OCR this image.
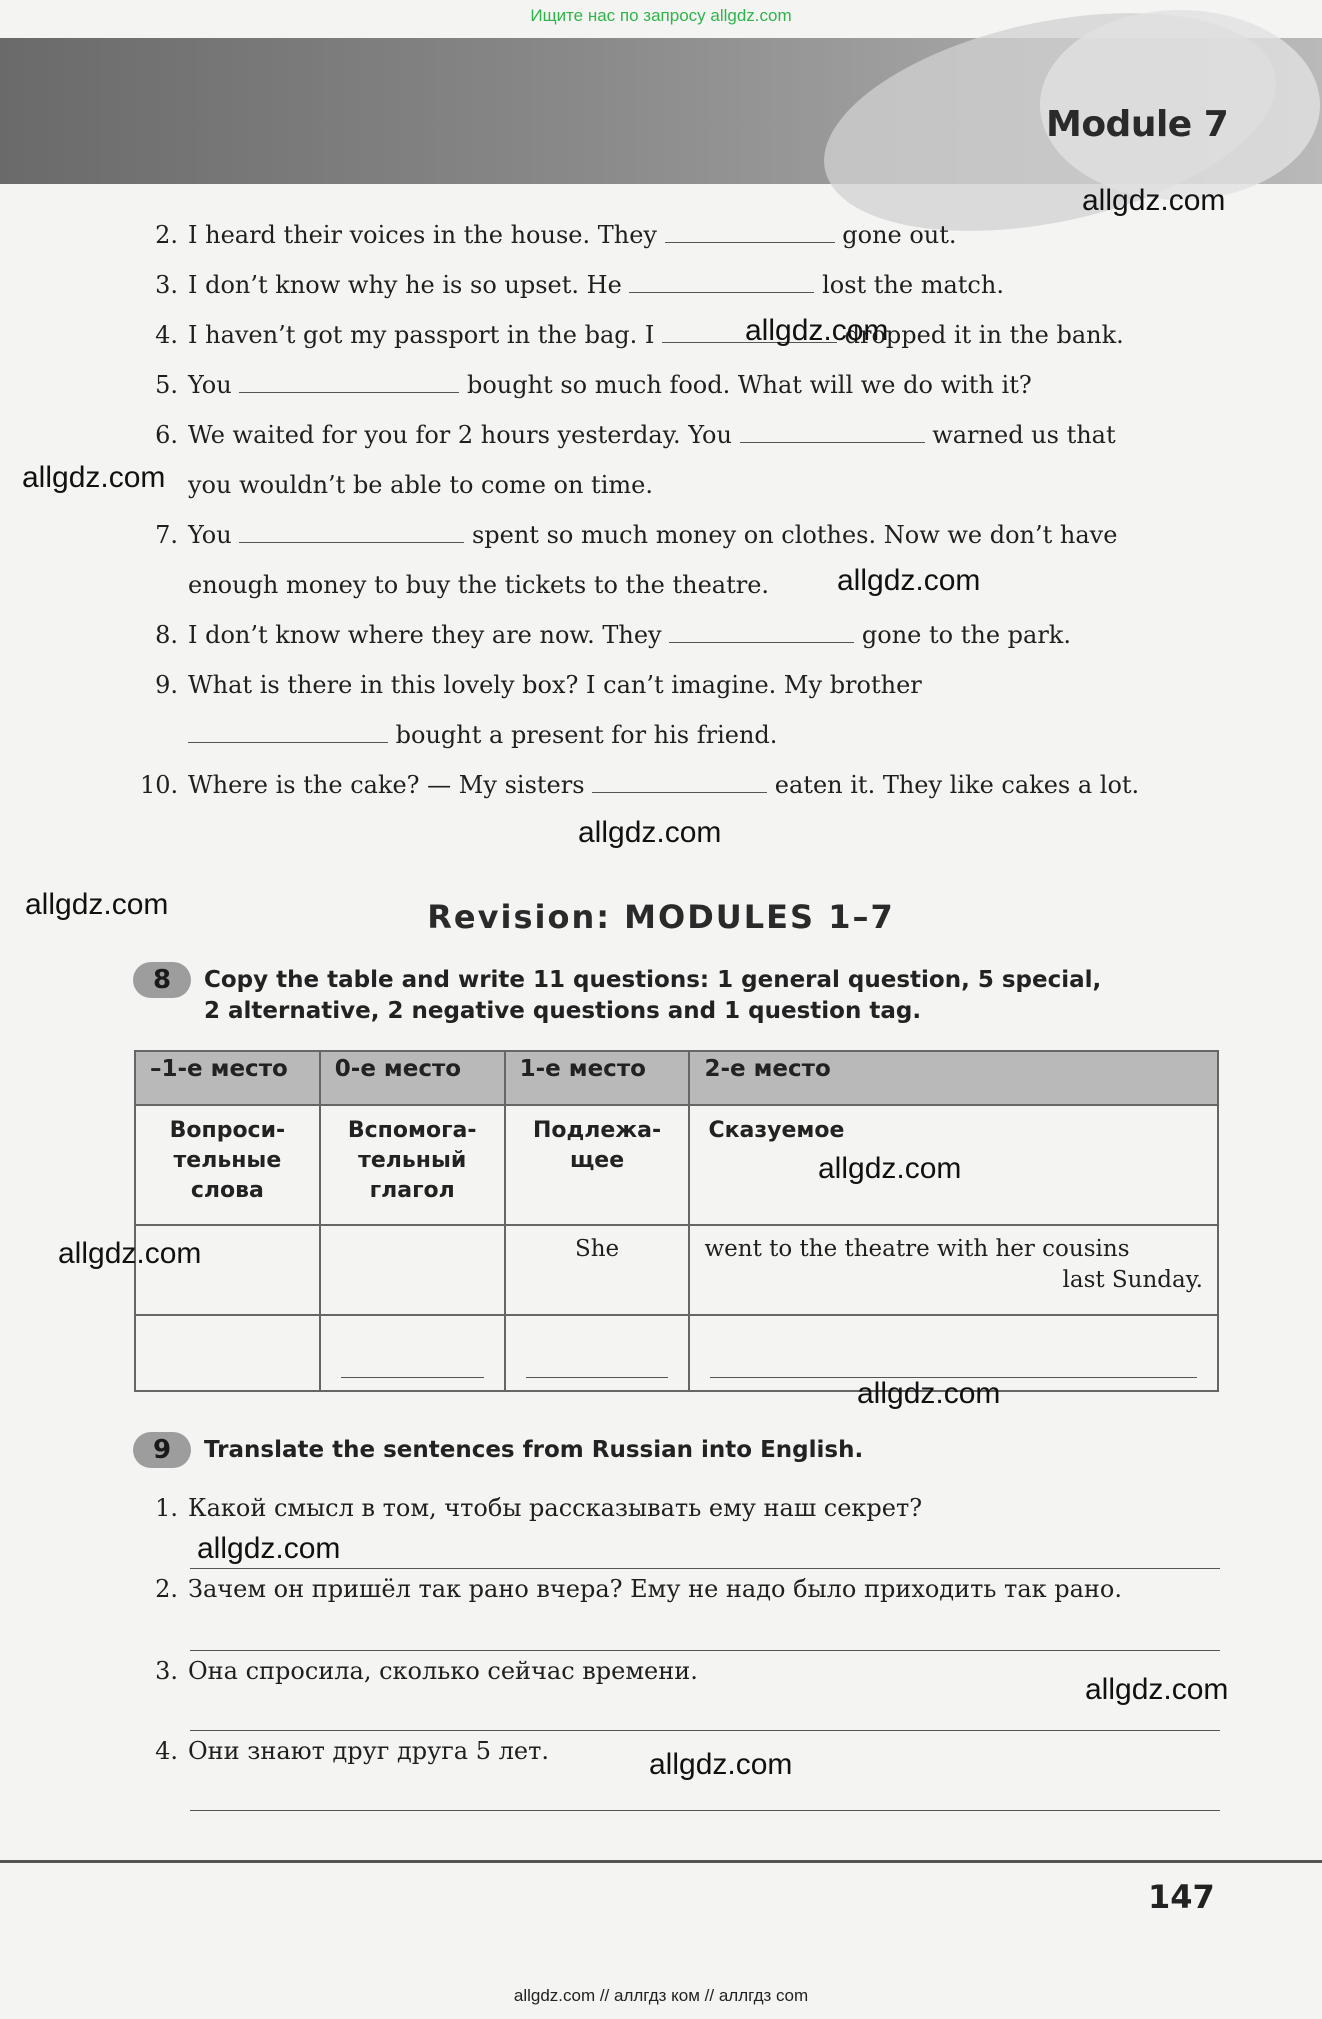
Ищите нас по запросу allgdz.com
Module 7
2. I heard their voices in the house. They	gone out.
3. I don’t know why he is so upset. He	lost the match.
4. I haven’t got my passport in the bag. I	dropped it in the bank.
5. You	bought so much food. What will we do with it?
6. We waited for you for 2 hours yesterday. You	warned us that
you wouldn’t be able to come on time.
7. You	spent so much money on clothes. Now we don’t have
enough money to buy the tickets to the theatre.
8. I don’t know where they are now. They	gone to the park.
9. What is there in this lovely box? I can’t imagine. My brother
bought a present for his friend.
10. Where is the cake? — My sisters	eaten it. They like cakes a lot.
Revision: MODULES 1–7
8	Copy the table and write 11 questions: 1 general question, 5 special,
2 alternative, 2 negative questions and 1 question tag.
–1-е место	0-е место	1-е место	2-е место
Вопроси-тельные слова	Вспомога-тельный глагол	Подлежа-щее	Сказуемое
		She	went to the theatre with her cousins
last Sunday.

9	Translate the sentences from Russian into English.
1. Какой смысл в том, чтобы рассказывать ему наш секрет?
2. Зачем он пришёл так рано вчера? Ему не надо было приходить так рано.
3. Она спросила, сколько сейчас времени.
4. Они знают друг друга 5 лет.
allgdz.com
allgdz.com
allgdz.com
allgdz.com
allgdz.com
allgdz.com
allgdz.com
allgdz.com
allgdz.com
allgdz.com
allgdz.com
allgdz.com
147
allgdz.com // аллгдз ком // аллгдз com
